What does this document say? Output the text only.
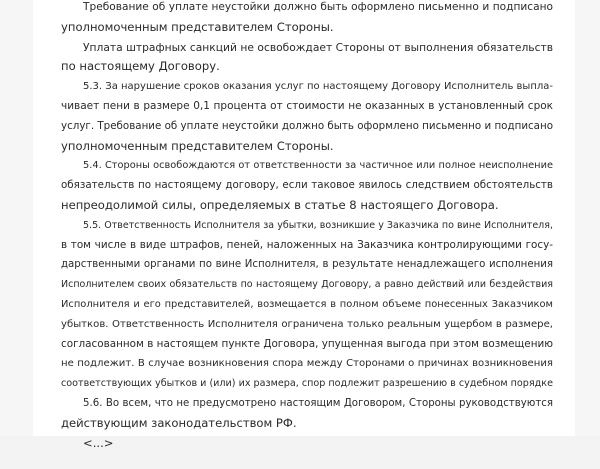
Требование об уплате неустойки должно быть оформлено письменно и подписано
уполномоченным представителем Стороны.
Уплата штрафных санкций не освобождает Стороны от выполнения обязательств
по настоящему Договору.
5.3. За нарушение сроков оказания услуг по настоящему Договору Исполнитель выпла-
чивает пени в размере 0,1 процента от стоимости не оказанных в установленный срок
услуг. Требование об уплате неустойки должно быть оформлено письменно и подписано
уполномоченным представителем Стороны.
5.4. Стороны освобождаются от ответственности за частичное или полное неисполнение
обязательств по настоящему договору, если таковое явилось следствием обстоятельств
непреодолимой силы, определяемых в статье 8 настоящего Договора.
5.5. Ответственность Исполнителя за убытки, возникшие у Заказчика по вине Исполнителя,
в том числе в виде штрафов, пеней, наложенных на Заказчика контролирующими госу-
дарственными органами по вине Исполнителя, в результате ненадлежащего исполнения
Исполнителем своих обязательств по настоящему Договору, а равно действий или бездействия
Исполнителя и его представителей, возмещается в полном объеме понесенных Заказчиком
убытков. Ответственность Исполнителя ограничена только реальным ущербом в размере,
согласованном в настоящем пункте Договора, упущенная выгода при этом возмещению
не подлежит. В случае возникновения спора между Сторонами о причинах возникновения
соответствующих убытков и (или) их размера, спор подлежит разрешению в судебном порядке
5.6. Во всем, что не предусмотрено настоящим Договором, Стороны руководствуются
действующим законодательством РФ.
<...>
